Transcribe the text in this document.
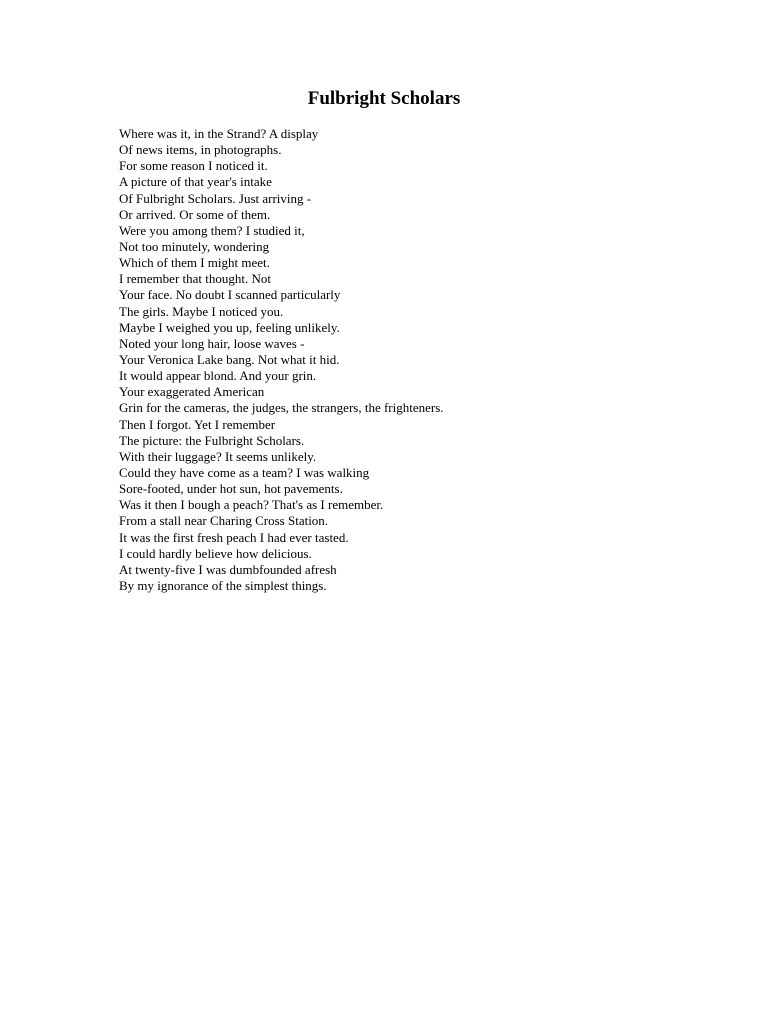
Fulbright Scholars
Where was it, in the Strand? A display
Of news items, in photographs.
For some reason I noticed it.
A picture of that year's intake
Of Fulbright Scholars. Just arriving -
Or arrived. Or some of them.
Were you among them? I studied it,
Not too minutely, wondering
Which of them I might meet.
I remember that thought. Not
Your face. No doubt I scanned particularly
The girls. Maybe I noticed you.
Maybe I weighed you up, feeling unlikely.
Noted your long hair, loose waves -
Your Veronica Lake bang. Not what it hid.
It would appear blond. And your grin.
Your exaggerated American
Grin for the cameras, the judges, the strangers, the frighteners.
Then I forgot. Yet I remember
The picture: the Fulbright Scholars.
With their luggage? It seems unlikely.
Could they have come as a team? I was walking
Sore-footed, under hot sun, hot pavements.
Was it then I bough a peach? That's as I remember.
From a stall near Charing Cross Station.
It was the first fresh peach I had ever tasted.
I could hardly believe how delicious.
At twenty-five I was dumbfounded afresh
By my ignorance of the simplest things.
